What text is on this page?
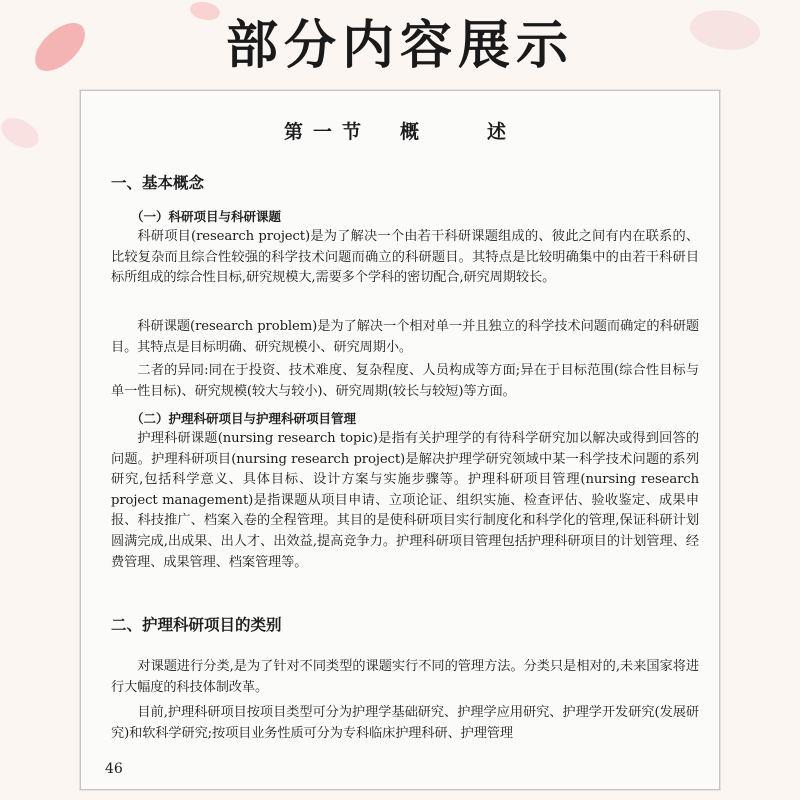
部分内容展示
第一节　概　　述
一、基本概念
（一）科研项目与科研课题
科研项目(research project)是为了解决一个由若干科研课题组成的、彼此之间有内在联系的、比较复杂而且综合性较强的科学技术问题而确立的科研题目。其特点是比较明确集中的由若干科研目标所组成的综合性目标,研究规模大,需要多个学科的密切配合,研究周期较长。
科研课题(research problem)是为了解决一个相对单一并且独立的科学技术问题而确定的科研题目。其特点是目标明确、研究规模小、研究周期小。
二者的异同:同在于投资、技术难度、复杂程度、人员构成等方面;异在于目标范围(综合性目标与单一性目标)、研究规模(较大与较小)、研究周期(较长与较短)等方面。
（二）护理科研项目与护理科研项目管理
护理科研课题(nursing research topic)是指有关护理学的有待科学研究加以解决或得到回答的问题。护理科研项目(nursing research project)是解决护理学研究领域中某一科学技术问题的系列研究,包括科学意义、具体目标、设计方案与实施步骤等。护理科研项目管理(nursing research project management)是指课题从项目申请、立项论证、组织实施、检查评估、验收鉴定、成果申报、科技推广、档案入卷的全程管理。其目的是使科研项目实行制度化和科学化的管理,保证科研计划圆满完成,出成果、出人才、出效益,提高竞争力。护理科研项目管理包括护理科研项目的计划管理、经费管理、成果管理、档案管理等。
二、护理科研项目的类别
对课题进行分类,是为了针对不同类型的课题实行不同的管理方法。分类只是相对的,未来国家将进行大幅度的科技体制改革。
目前,护理科研项目按项目类型可分为护理学基础研究、护理学应用研究、护理学开发研究(发展研究)和软科学研究;按项目业务性质可分为专科临床护理科研、护理管理
46
